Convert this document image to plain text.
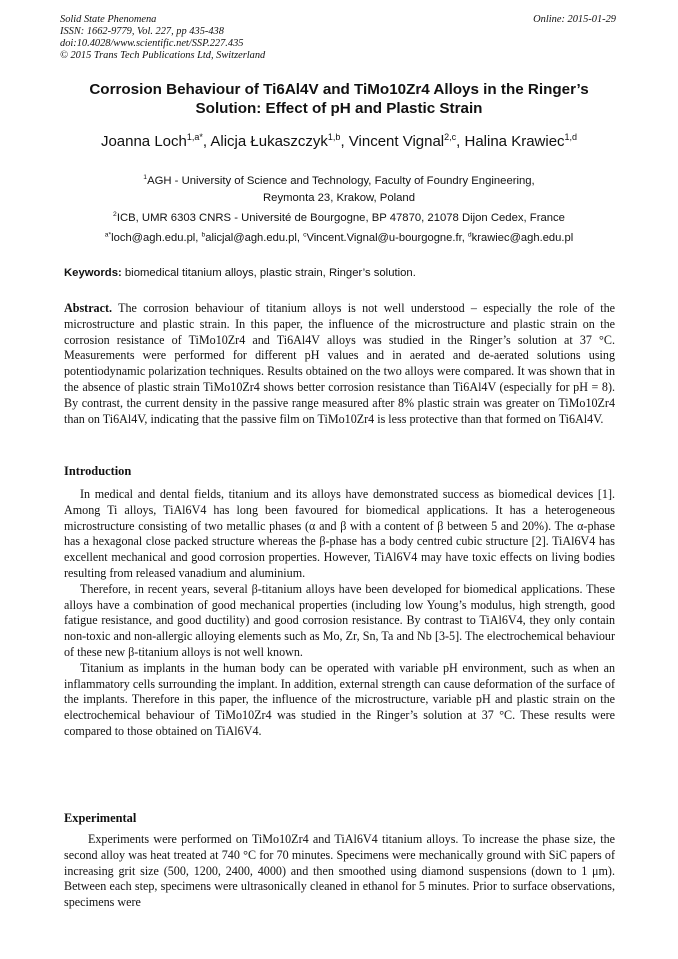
Solid State Phenomena
ISSN: 1662-9779, Vol. 227, pp 435-438
doi:10.4028/www.scientific.net/SSP.227.435
© 2015 Trans Tech Publications Ltd, Switzerland
Online: 2015-01-29
Corrosion Behaviour of Ti6Al4V and TiMo10Zr4 Alloys in the Ringer’s
Solution: Effect of pH and Plastic Strain
Joanna Loch$^{1,a*}$, Alicja Łukaszczyk$^{1,b}$, Vincent Vignal$^{2,c}$, Halina Krawiec$^{1,d}$
$^1$AGH - University of Science and Technology, Faculty of Foundry Engineering,
Reymonta 23, Krakow, Poland
$^2$ICB, UMR 6303 CNRS - Université de Bourgogne, BP 47870, 21078 Dijon Cedex, France
$^{a*}$loch@agh.edu.pl, $^b$alicjal@agh.edu.pl, $^c$Vincent.Vignal@u-bourgogne.fr, $^d$krawiec@agh.edu.pl
Keywords: biomedical titanium alloys, plastic strain, Ringer’s solution.
Abstract. The corrosion behaviour of titanium alloys is not well understood – especially the role of the microstructure and plastic strain. In this paper, the influence of the microstructure and plastic strain on the corrosion resistance of TiMo10Zr4 and Ti6Al4V alloys was studied in the Ringer’s solution at 37 °C. Measurements were performed for different pH values and in aerated and de-aerated solutions using potentiodynamic polarization techniques. Results obtained on the two alloys were compared. It was shown that in the absence of plastic strain TiMo10Zr4 shows better corrosion resistance than Ti6Al4V (especially for pH = 8). By contrast, the current density in the passive range measured after 8% plastic strain was greater on TiMo10Zr4 than on Ti6Al4V, indicating that the passive film on TiMo10Zr4 is less protective than that formed on Ti6Al4V.
Introduction

In medical and dental fields, titanium and its alloys have demonstrated success as biomedical devices [1]. Among Ti alloys, TiAl6V4 has long been favoured for biomedical applications. It has a heterogeneous microstructure consisting of two metallic phases (α and β with a content of β between 5 and 20%). The α-phase has a hexagonal close packed structure whereas the β-phase has a body centred cubic structure [2]. TiAl6V4 has excellent mechanical and good corrosion properties. However, TiAl6V4 may have toxic effects on living bodies resulting from released vanadium and aluminium.

Therefore, in recent years, several β-titanium alloys have been developed for biomedical applications. These alloys have a combination of good mechanical properties (including low Young’s modulus, high strength, good fatigue resistance, and good ductility) and good corrosion resistance. By contrast to TiAl6V4, they only contain non-toxic and non-allergic alloying elements such as Mo, Zr, Sn, Ta and Nb [3-5]. The electrochemical behaviour of these new β-titanium alloys is not well known.

Titanium as implants in the human body can be operated with variable pH environment, such as when an inflammatory cells surrounding the implant. In addition, external strength can cause deformation of the surface of the implants. Therefore in this paper, the influence of the microstructure, variable pH and plastic strain on the electrochemical behaviour of TiMo10Zr4 was studied in the Ringer’s solution at 37 °C. These results were compared to those obtained on TiAl6V4.

Experimental

Experiments were performed on TiMo10Zr4 and TiAl6V4 titanium alloys. To increase the phase size, the second alloy was heat treated at 740 °C for 70 minutes. Specimens were mechanically ground with SiC papers of increasing grit size (500, 1200, 2400, 4000) and then smoothed using diamond suspensions (down to 1 μm). Between each step, specimens were ultrasonically cleaned in ethanol for 5 minutes. Prior to surface observations, specimens were
